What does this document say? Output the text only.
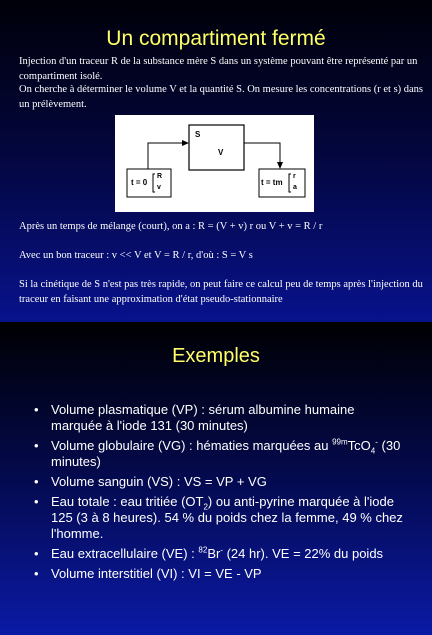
Un compartiment fermé
Injection d'un traceur R de la substance mère S dans un système pouvant être représenté par un compartiment isolé.
On cherche à déterminer le volume V et la quantité S. On mesure les concentrations (r et s) dans un prélèvement.
t = 0
R
v
S
V
t = tm
r
a
Après un temps de mélange (court), on a : R = (V + v) r ou V + v = R / r
Avec un bon traceur : v << V et V = R / r, d'où : S = V s
Si la cinétique de S n'est pas très rapide, on peut faire ce calcul peu de temps après l'injection du traceur en faisant une approximation d'état pseudo-stationnaire
Exemples
• Volume plasmatique (VP) : sérum albumine humaine marquée à l'iode 131 (30 minutes)
• Volume globulaire (VG) : hématies marquées au $^{99m}$TcO$_4$- (30 minutes)
• Volume sanguin (VS) : VS = VP + VG
• Eau totale : eau tritiée $(OT_2)$ ou anti-pyrine marquée à l'iode 125 (3 à 8 heures). 54 % du poids chez la femme, 49 % chez l'homme.
• Eau extracellulaire (VE) : $^{82}$Br- (24 hr). VE = 22% du poids
• Volume interstitiel (VI) : VI = VE - VP
